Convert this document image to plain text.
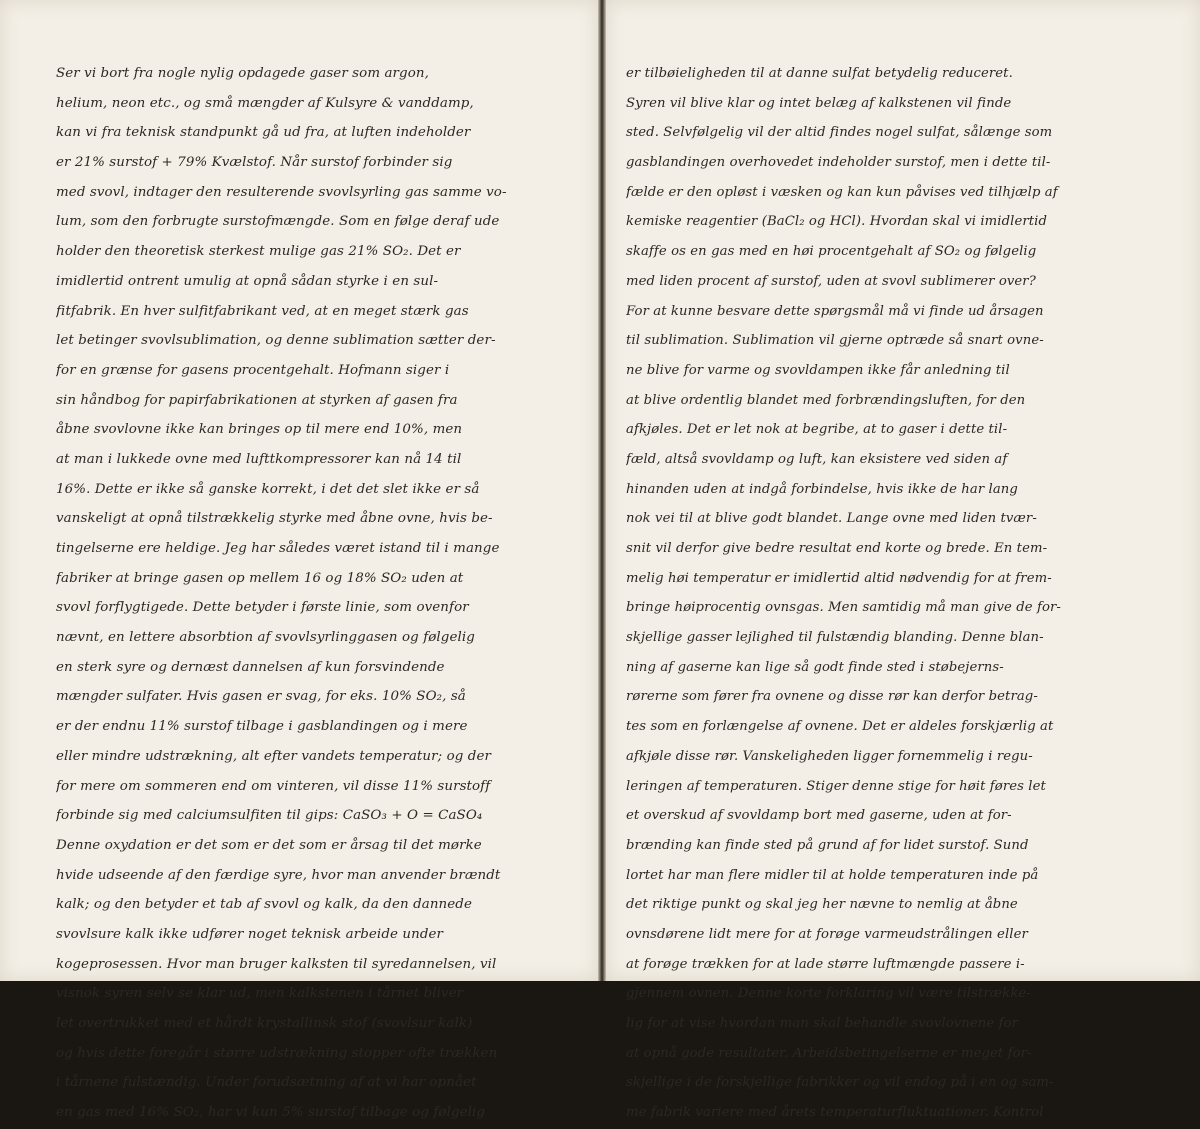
Ser vi bort fra nogle nylig opdagede gaser som argon,
helium, neon etc., og små mængder af Kulsyre & vanddamp,
kan vi fra teknisk standpunkt gå ud fra, at luften indeholder
er 21% surstof + 79% Kvælstof. Når surstof forbinder sig
med svovl, indtager den resulterende svovlsyrling gas samme vo-
lum, som den forbrugte surstofmængde. Som en følge deraf ude
holder den theoretisk sterkest mulige gas 21% SO₂. Det er
imidlertid ontrent umulig at opnå sådan styrke i en sul-
fitfabrik. En hver sulfitfabrikant ved, at en meget stærk gas
let betinger svovlsublimation, og denne sublimation sætter der-
for en grænse for gasens procentgehalt. Hofmann siger i
sin håndbog for papirfabrikationen at styrken af gasen fra
åbne svovlovne ikke kan bringes op til mere end 10%, men
at man i lukkede ovne med lufttkompressorer kan nå 14 til
16%. Dette er ikke så ganske korrekt, i det det slet ikke er så
vanskeligt at opnå tilstrækkelig styrke med åbne ovne, hvis be-
tingelserne ere heldige. Jeg har således været istand til i mange
fabriker at bringe gasen op mellem 16 og 18% SO₂ uden at
svovl forflygtigede. Dette betyder i første linie, som ovenfor
nævnt, en lettere absorbtion af svovlsyrlinggasen og følgelig
en sterk syre og dernæst dannelsen af kun forsvindende
mængder sulfater. Hvis gasen er svag, for eks. 10% SO₂, så
er der endnu 11% surstof tilbage i gasblandingen og i mere
eller mindre udstrækning, alt efter vandets temperatur; og der
for mere om sommeren end om vinteren, vil disse 11% surstoff
forbinde sig med calciumsulfiten til gips: CaSO₃ + O = CaSO₄
Denne oxydation er det som er det som er årsag til det mørke
hvide udseende af den færdige syre, hvor man anvender brændt
kalk; og den betyder et tab af svovl og kalk, da den dannede
svovlsure kalk ikke udfører noget teknisk arbeide under
kogeprosessen. Hvor man bruger kalksten til syredannelsen, vil
visnok syren selv se klar ud, men kalkstenen i tårnet bliver
let overtrukket med et hårdt krystallinsk stof (svovlsur kalk)
og hvis dette foregår i større udstrækning stopper ofte trækken
i tårnene fulstændig. Under forudsætning af at vi har opnået
en gas med 16% SO₂, har vi kun 5% surstof tilbage og følgelig
er tilbøieligheden til at danne sulfat betydelig reduceret.
Syren vil blive klar og intet belæg af kalkstenen vil finde
sted. Selvfølgelig vil der altid findes nogel sulfat, sålænge som
gasblandingen overhovedet indeholder surstof, men i dette til-
fælde er den opløst i væsken og kan kun påvises ved tilhjælp af
kemiske reagentier (BaCl₂ og HCl). Hvordan skal vi imidlertid
skaffe os en gas med en høi procentgehalt af SO₂ og følgelig
med liden procent af surstof, uden at svovl sublimerer over?
For at kunne besvare dette spørgsmål må vi finde ud årsagen
til sublimation. Sublimation vil gjerne optræde så snart ovne-
ne blive for varme og svovldampen ikke får anledning til
at blive ordentlig blandet med forbrændingsluften, for den
afkjøles. Det er let nok at begribe, at to gaser i dette til-
fæld, altså svovldamp og luft, kan eksistere ved siden af
hinanden uden at indgå forbindelse, hvis ikke de har lang
nok vei til at blive godt blandet. Lange ovne med liden tvær-
snit vil derfor give bedre resultat end korte og brede. En tem-
melig høi temperatur er imidlertid altid nødvendig for at frem-
bringe høiprocentig ovnsgas. Men samtidig må man give de for-
skjellige gasser lejlighed til fulstændig blanding. Denne blan-
ning af gaserne kan lige så godt finde sted i støbejerns-
rørerne som fører fra ovnene og disse rør kan derfor betrag-
tes som en forlængelse af ovnene. Det er aldeles forskjærlig at
afkjøle disse rør. Vanskeligheden ligger fornemmelig i regu-
leringen af temperaturen. Stiger denne stige for høit føres let
et overskud af svovldamp bort med gaserne, uden at for-
brænding kan finde sted på grund af for lidet surstof. Sund
lortet har man flere midler til at holde temperaturen inde på
det riktige punkt og skal jeg her nævne to nemlig at åbne
ovnsdørene lidt mere for at forøge varmeudstrålingen eller
at forøge trækken for at lade større luftmængde passere i-
gjennem ovnen. Denne korte forklaring vil være tilstrække-
lig for at vise hvordan man skal behandle svovlovnene for
at opnå gode resultater. Arbeidsbetingelserne er meget for-
skjellige i de forskjellige fabrikker og vil endog på i en og sam-
me fabrik variere med årets temperaturfluktuationer. Kontrol
